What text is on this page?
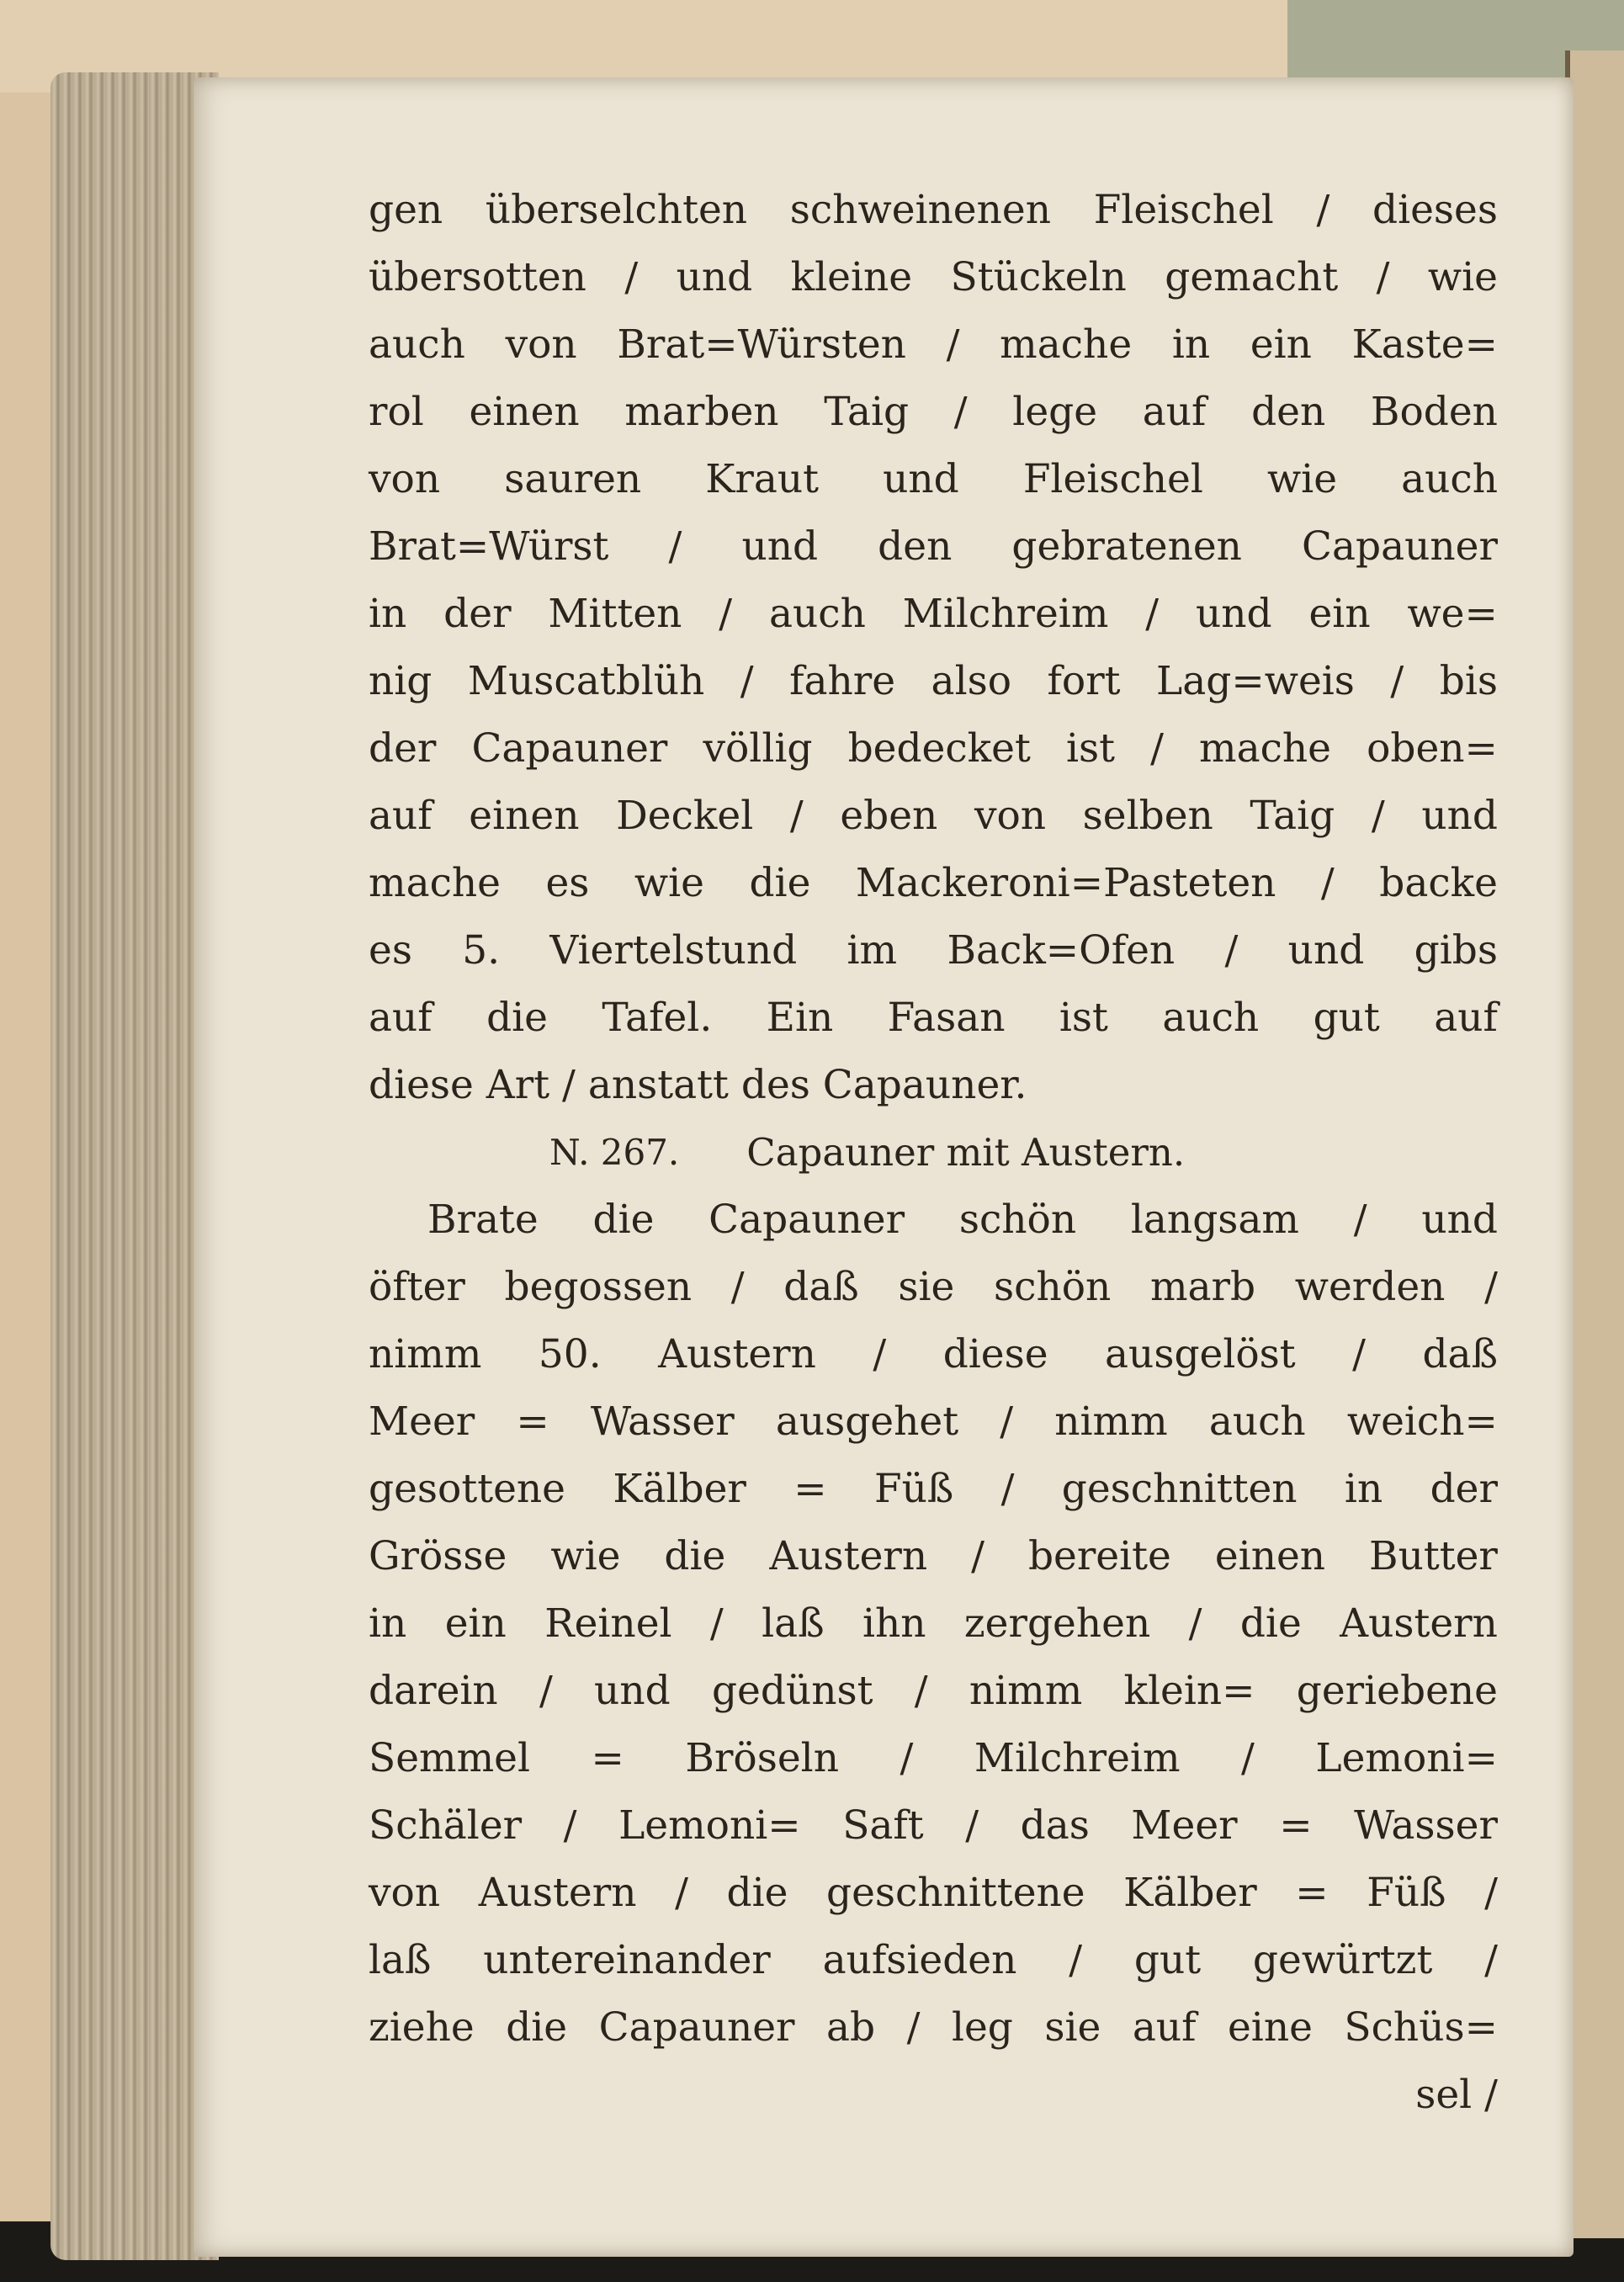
gen überselchten schweinenen Fleischel / dieses
übersotten / und kleine Stückeln gemacht / wie
auch von Brat=Würsten / mache in ein Kaste=
rol einen marben Taig / lege auf den Boden
von sauren Kraut und Fleischel wie auch
Brat=Würst / und den gebratenen Capauner
in der Mitten / auch Milchreim / und ein we=
nig Muscatblüh / fahre also fort Lag=weis / bis
der Capauner völlig bedecket ist / mache oben=
auf einen Deckel / eben von selben Taig / und
mache es wie die Mackeroni=Pasteten / backe
es 5. Viertelstund im Back=Ofen / und gibs
auf die Tafel. Ein Fasan ist auch gut auf
diese Art / anstatt des Capauner.
N. 267. Capauner mit Austern.
Brate die Capauner schön langsam / und
öfter begossen / daß sie schön marb werden /
nimm 50. Austern / diese ausgelöst / daß
Meer = Wasser ausgehet / nimm auch weich=
gesottene Kälber = Füß / geschnitten in der
Grösse wie die Austern / bereite einen Butter
in ein Reinel / laß ihn zergehen / die Austern
darein / und gedünst / nimm klein= geriebene
Semmel = Bröseln / Milchreim / Lemoni=
Schäler / Lemoni= Saft / das Meer = Wasser
von Austern / die geschnittene Kälber = Füß /
laß untereinander aufsieden / gut gewürtzt /
ziehe die Capauner ab / leg sie auf eine Schüs=
sel /
